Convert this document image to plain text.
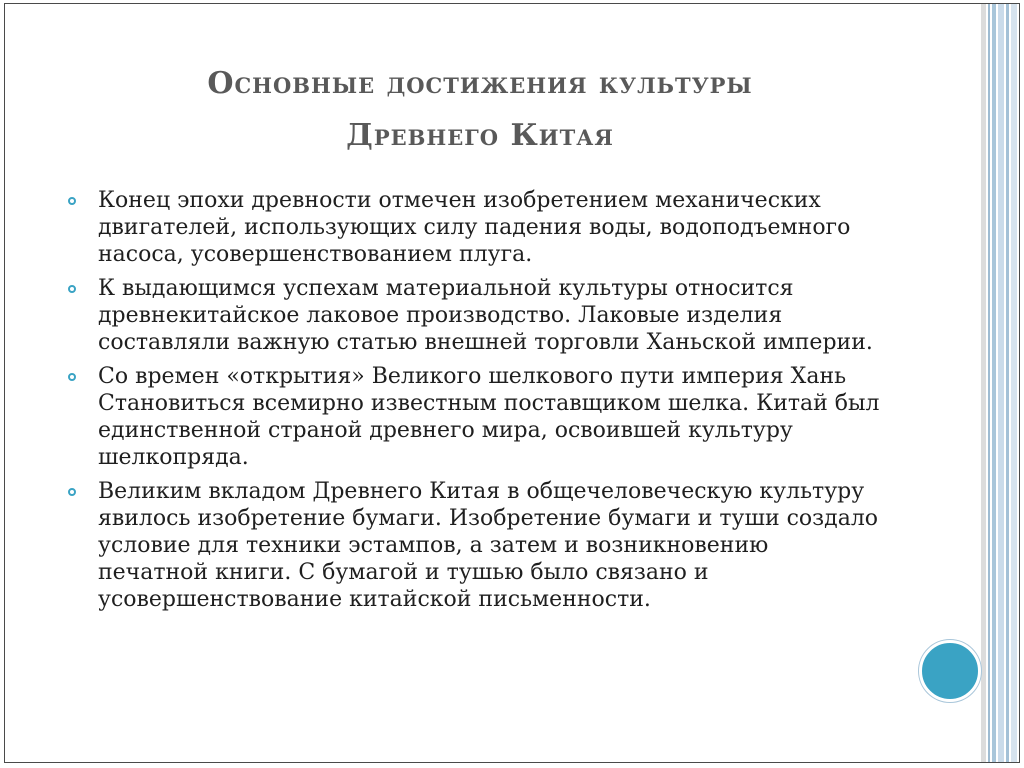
Основные достижения культуры
Древнего Китая
Конец эпохи древности отмечен изобретением механических двигателей, использующих силу падения воды, водоподъемного насоса, усовершенствованием плуга.
К выдающимся успехам материальной культуры относится древнекитайское лаковое производство. Лаковые изделия составляли важную статью внешней торговли Ханьской империи.
Со времен «открытия» Великого шелкового пути империя Хань Становиться всемирно известным поставщиком шелка. Китай был единственной страной древнего мира, освоившей культуру шелкопряда.
Великим вкладом Древнего Китая в общечеловеческую культуру явилось изобретение бумаги. Изобретение бумаги и туши создало условие для техники эстампов, а затем и возникновению печатной книги. С бумагой и тушью было связано и усовершенствование китайской письменности.
